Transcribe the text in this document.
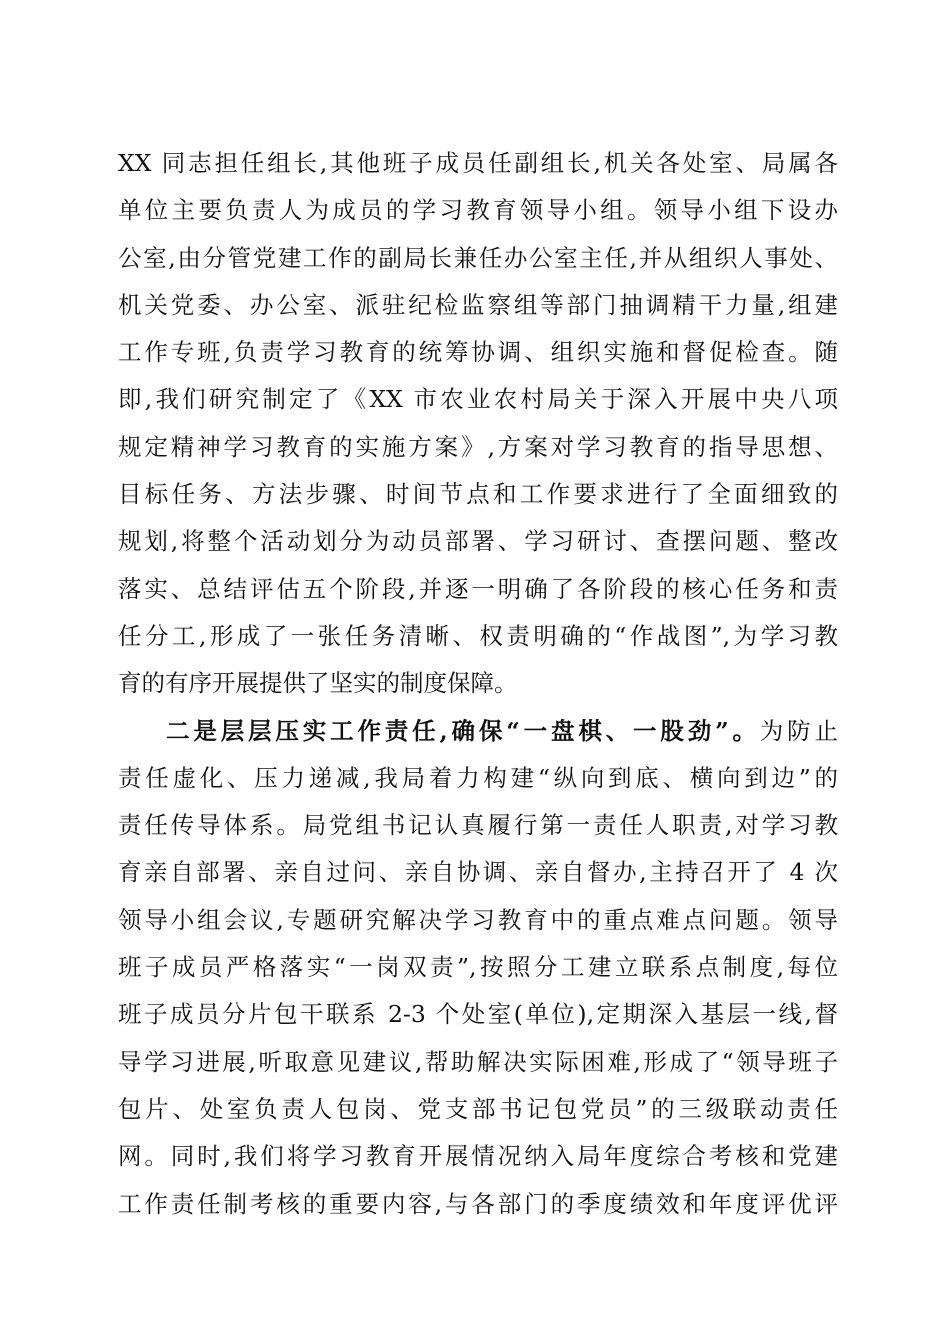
XX 同志担任组长,其他班子成员任副组长,机关各处室、局属各
单位主要负责人为成员的学习教育领导小组。领导小组下设办
公室,由分管党建工作的副局长兼任办公室主任,并从组织人事处、
机关党委、办公室、派驻纪检监察组等部门抽调精干力量,组建
工作专班,负责学习教育的统筹协调、组织实施和督促检查。随
即,我们研究制定了《XX 市农业农村局关于深入开展中央八项
规定精神学习教育的实施方案》,方案对学习教育的指导思想、
目标任务、方法步骤、时间节点和工作要求进行了全面细致的
规划,将整个活动划分为动员部署、学习研讨、查摆问题、整改
落实、总结评估五个阶段,并逐一明确了各阶段的核心任务和责
任分工,形成了一张任务清晰、权责明确的“作战图”,为学习教
育的有序开展提供了坚实的制度保障。
二是层层压实工作责任,确保“一盘棋、一股劲”。为防止
责任虚化、压力递减,我局着力构建“纵向到底、横向到边”的
责任传导体系。局党组书记认真履行第一责任人职责,对学习教
育亲自部署、亲自过问、亲自协调、亲自督办,主持召开了 4 次
领导小组会议,专题研究解决学习教育中的重点难点问题。领导
班子成员严格落实“一岗双责”,按照分工建立联系点制度,每位
班子成员分片包干联系 2-3 个处室(单位),定期深入基层一线,督
导学习进展,听取意见建议,帮助解决实际困难,形成了“领导班子
包片、处室负责人包岗、党支部书记包党员”的三级联动责任
网。同时,我们将学习教育开展情况纳入局年度综合考核和党建
工作责任制考核的重要内容,与各部门的季度绩效和年度评优评
